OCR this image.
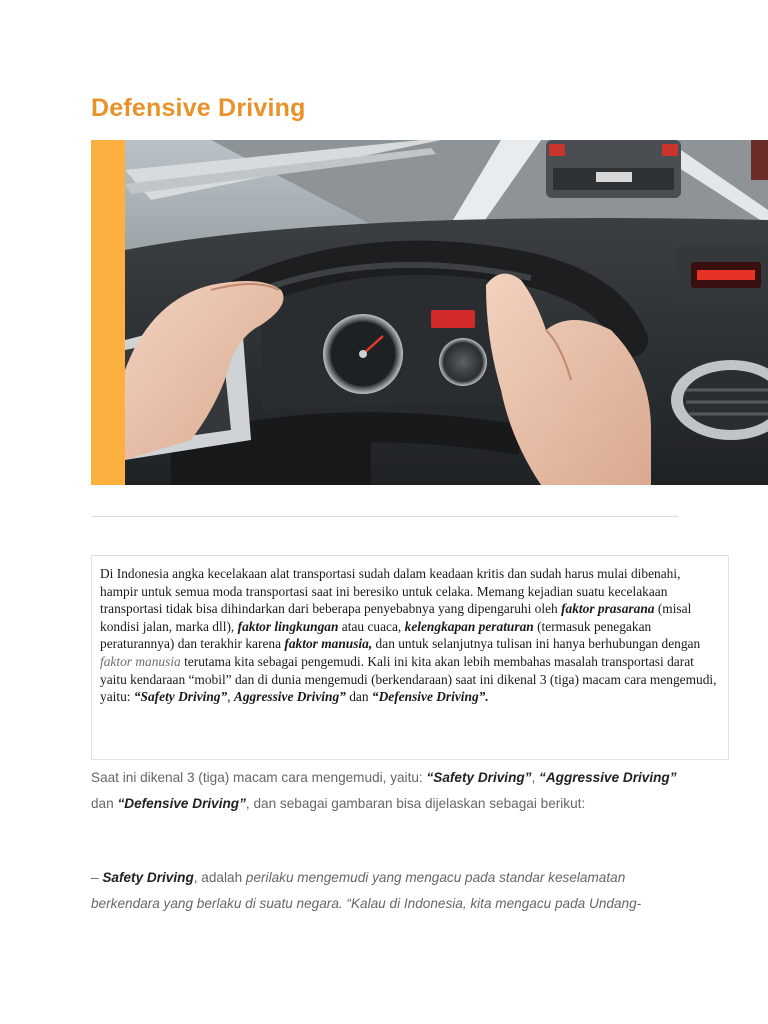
Defensive Driving
Di Indonesia angka kecelakaan alat transportasi sudah dalam keadaan kritis dan sudah harus mulai dibenahi, hampir untuk semua moda transportasi saat ini beresiko untuk celaka. Memang kejadian suatu kecelakaan transportasi tidak bisa dihindarkan dari beberapa penyebabnya yang dipengaruhi oleh faktor prasarana (misal kondisi jalan, marka dll), faktor lingkungan atau cuaca, kelengkapan peraturan (termasuk penegakan peraturannya) dan terakhir karena faktor manusia, dan untuk selanjutnya tulisan ini hanya berhubungan dengan faktor manusia terutama kita sebagai pengemudi. Kali ini kita akan lebih membahas masalah transportasi darat yaitu kendaraan “mobil” dan di dunia mengemudi (berkendaraan) saat ini dikenal 3 (tiga) macam cara mengemudi, yaitu: “Safety Driving”, Aggressive Driving” dan “Defensive Driving”.
Saat ini dikenal 3 (tiga) macam cara mengemudi, yaitu: “Safety Driving”, “Aggressive Driving” dan “Defensive Driving”, dan sebagai gambaran bisa dijelaskan sebagai berikut:
– Safety Driving, adalah perilaku mengemudi yang mengacu pada standar keselamatan berkendara yang berlaku di suatu negara. “Kalau di Indonesia, kita mengacu pada Undang-
